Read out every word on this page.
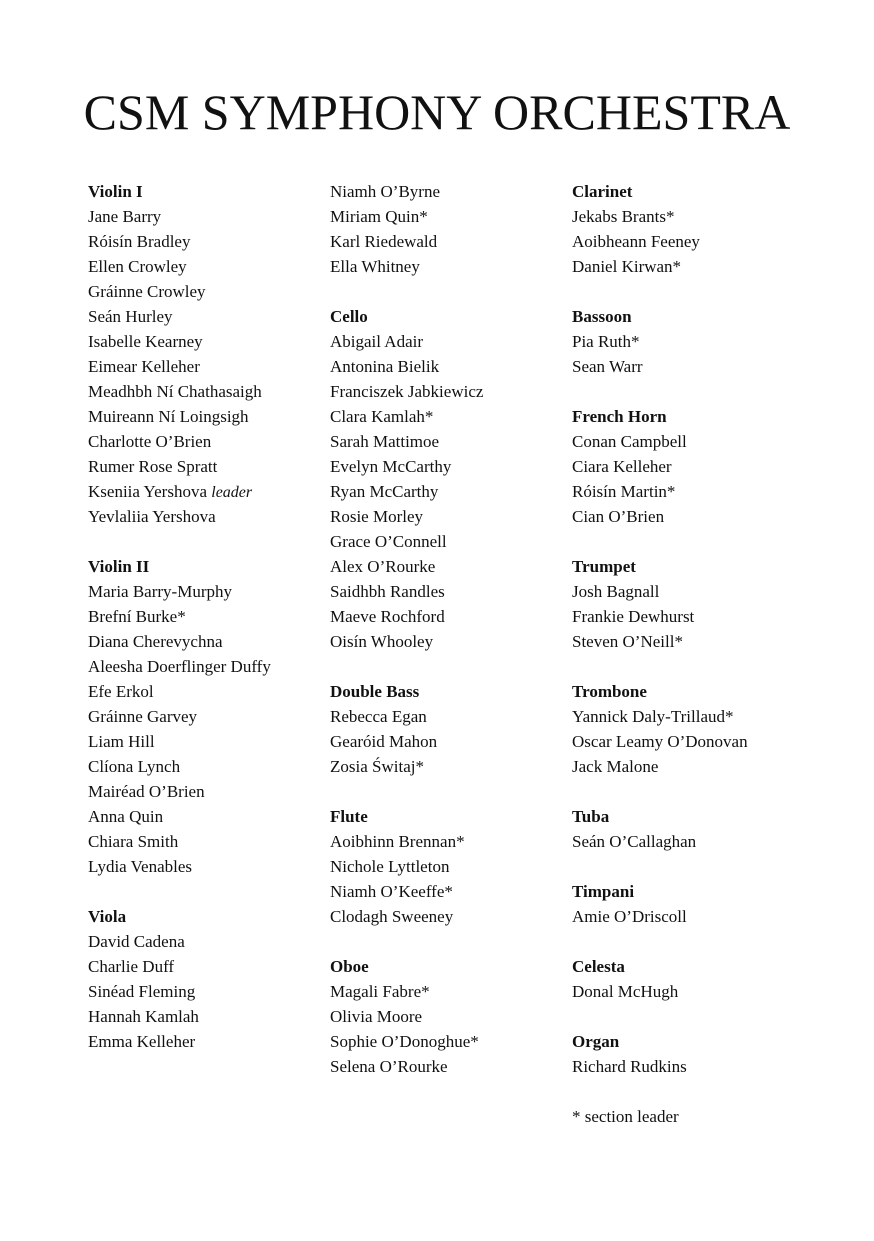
CSM SYMPHONY ORCHESTRA
Violin I
Jane Barry
Róisín Bradley
Ellen Crowley
Gráinne Crowley
Seán Hurley
Isabelle Kearney
Eimear Kelleher
Meadhbh Ní Chathasaigh
Muireann Ní Loingsigh
Charlotte O’Brien
Rumer Rose Spratt
Kseniia Yershova leader
Yevlaliia Yershova
Violin II
Maria Barry-Murphy
Brefní Burke*
Diana Cherevychna
Aleesha Doerflinger Duffy
Efe Erkol
Gráinne Garvey
Liam Hill
Clíona Lynch
Mairéad O’Brien
Anna Quin
Chiara Smith
Lydia Venables
Viola
David Cadena
Charlie Duff
Sinéad Fleming
Hannah Kamlah
Emma Kelleher
Niamh O’Byrne
Miriam Quin*
Karl Riedewald
Ella Whitney
Cello
Abigail Adair
Antonina Bielik
Franciszek Jabkiewicz
Clara Kamlah*
Sarah Mattimoe
Evelyn McCarthy
Ryan McCarthy
Rosie Morley
Grace O’Connell
Alex O’Rourke
Saidhbh Randles
Maeve Rochford
Oisín Whooley
Double Bass
Rebecca Egan
Gearóid Mahon
Zosia Świtaj*
Flute
Aoibhinn Brennan*
Nichole Lyttleton
Niamh O’Keeffe*
Clodagh Sweeney
Oboe
Magali Fabre*
Olivia Moore
Sophie O’Donoghue*
Selena O’Rourke
Clarinet
Jekabs Brants*
Aoibheann Feeney
Daniel Kirwan*
Bassoon
Pia Ruth*
Sean Warr
French Horn
Conan Campbell
Ciara Kelleher
Róisín Martin*
Cian O’Brien
Trumpet
Josh Bagnall
Frankie Dewhurst
Steven O’Neill*
Trombone
Yannick Daly-Trillaud*
Oscar Leamy O’Donovan
Jack Malone
Tuba
Seán O’Callaghan
Timpani
Amie O’Driscoll
Celesta
Donal McHugh
Organ
Richard Rudkins
* section leader
